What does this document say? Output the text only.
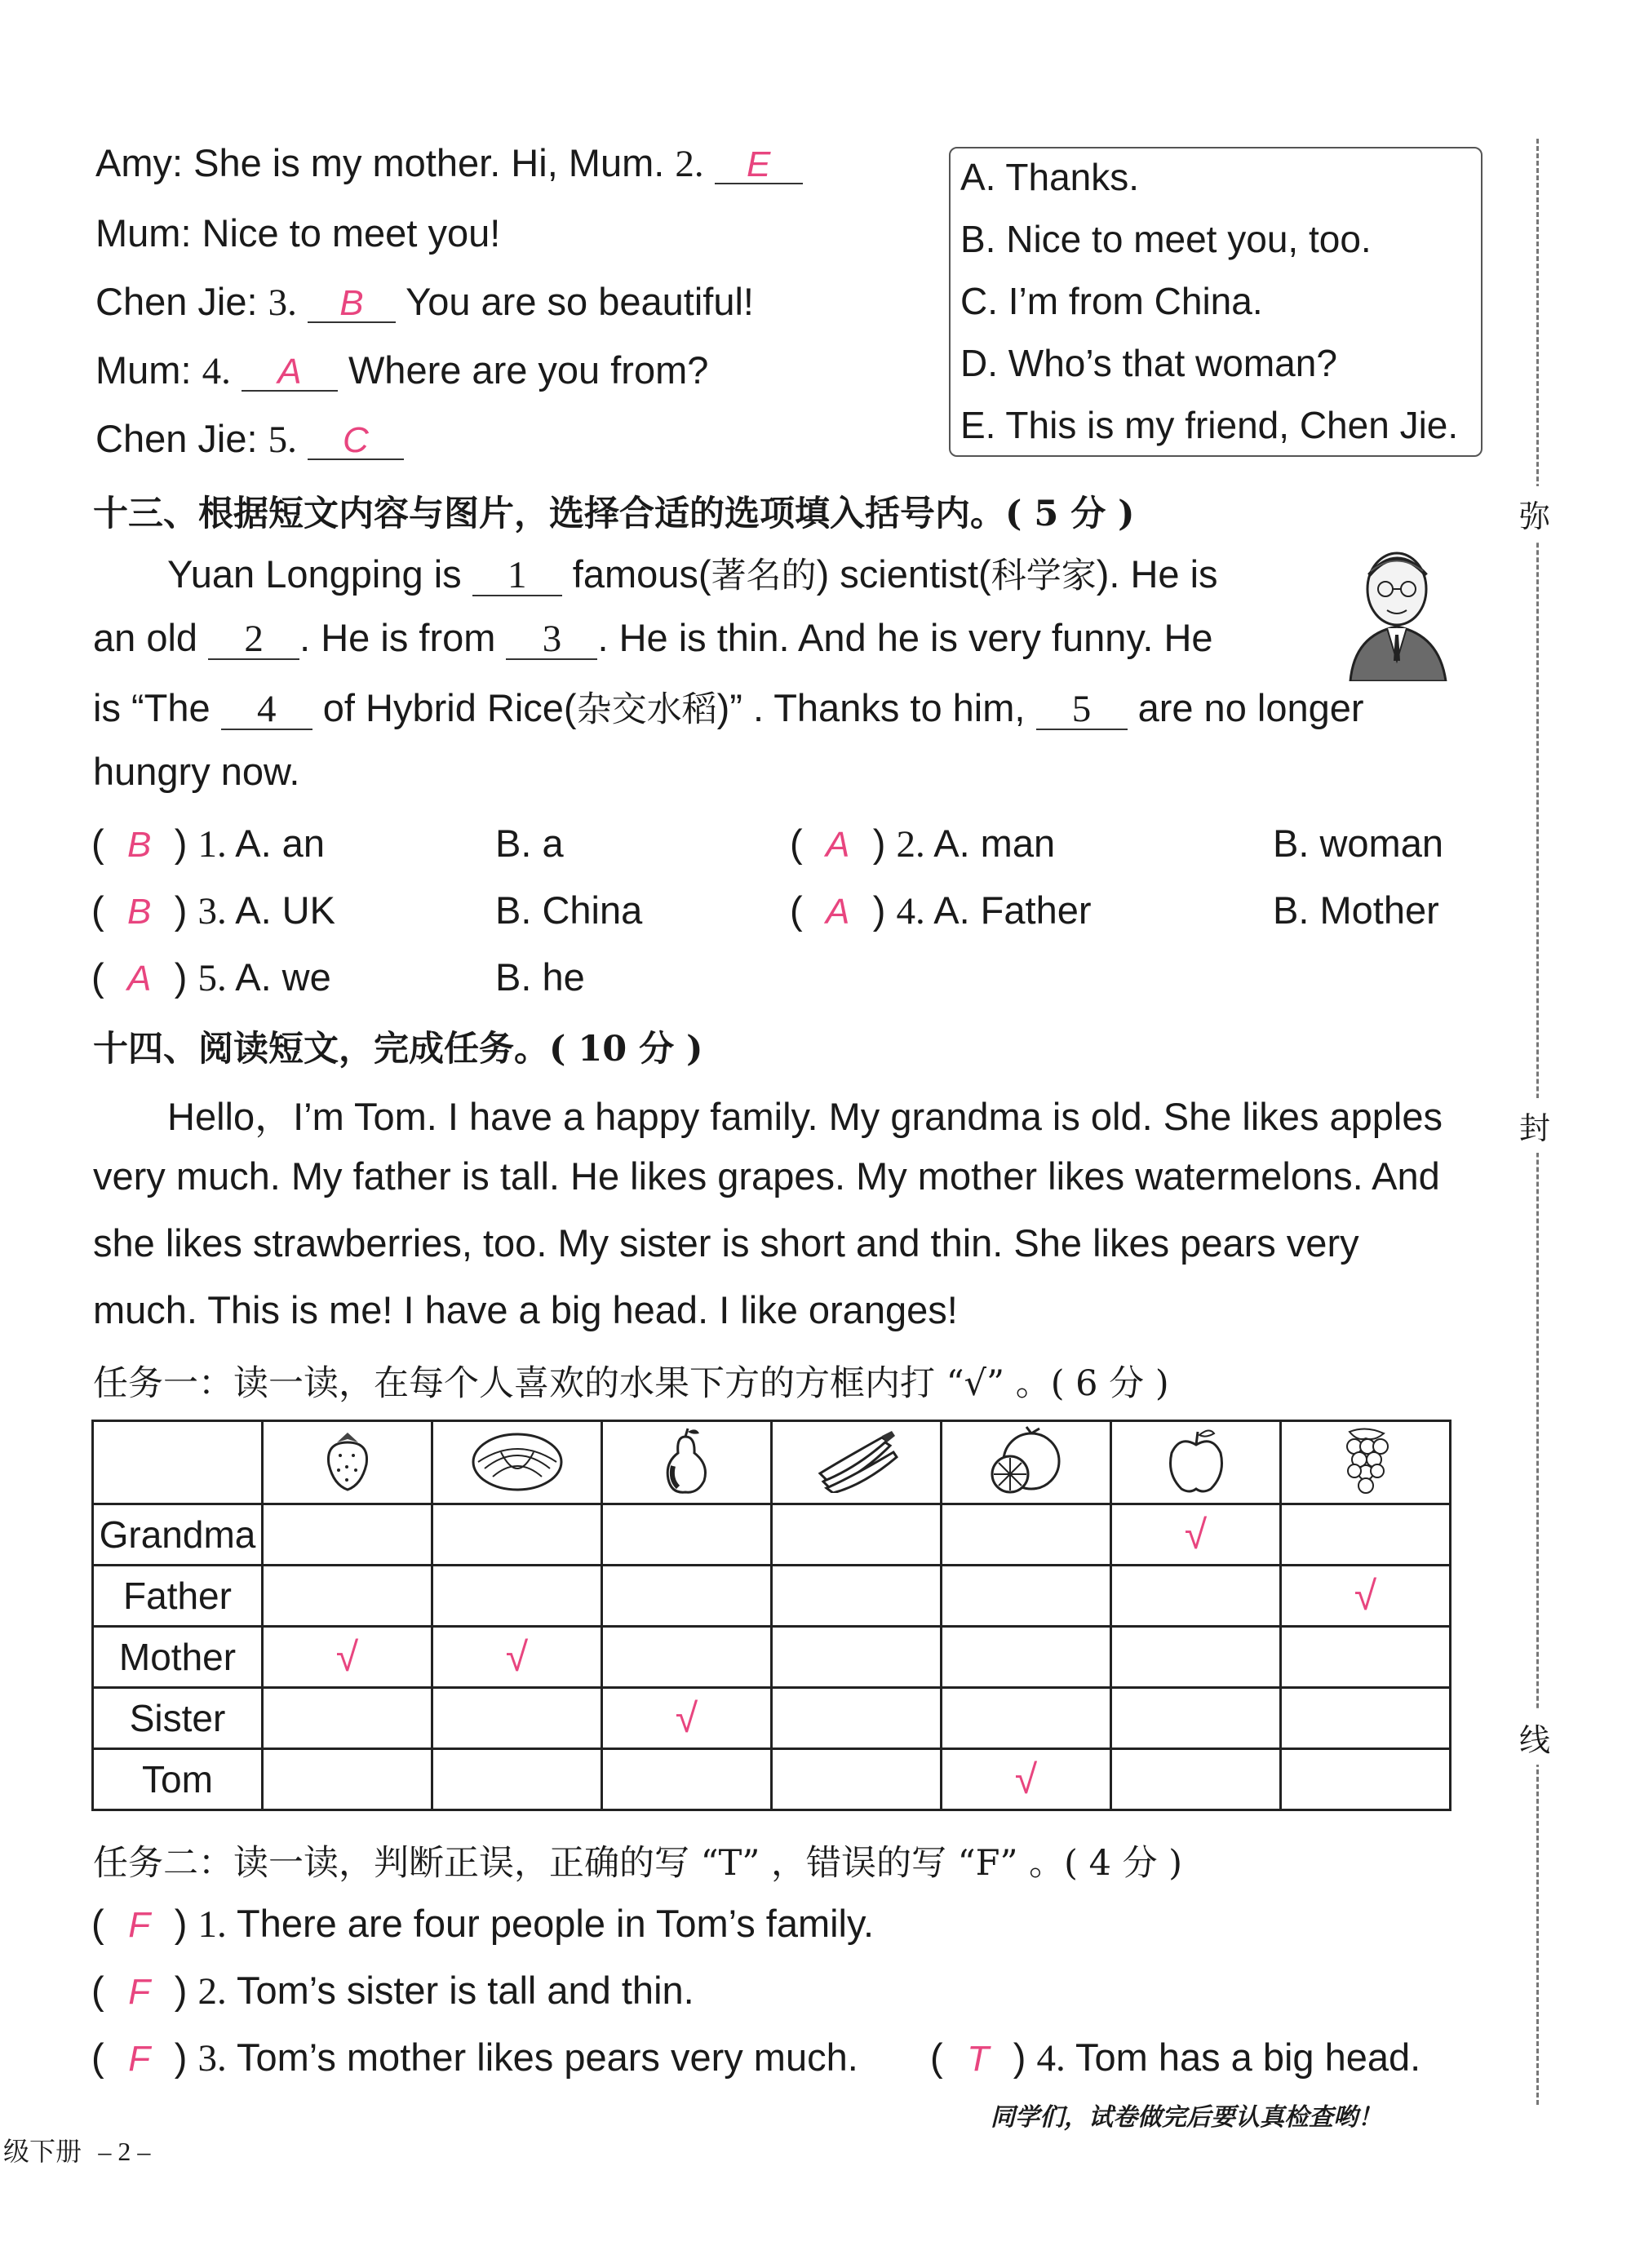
Amy: She is my mother. Hi, Mum. 2. E
Mum: Nice to meet you!
Chen Jie: 3. B You are so beautiful!
Mum: 4. A Where are you from?
Chen Jie: 5. C
A. Thanks.
B. Nice to meet you, too.
C. I’m from China.
D. Who’s that woman?
E. This is my friend, Chen Jie.
十三、根据短文内容与图片，选择合适的选项填入括号内。( 5 分 )
Yuan Longping is 1 famous(著名的) scientist(科学家). He is
an old 2 . He is from 3 . He is thin. And he is very funny. He
is “The 4 of Hybrid Rice(杂交水稻)” . Thanks to him, 5 are no longer
hungry now.
( B ) 1. A. an	B. a	( A ) 2. A. man	B. woman
( B ) 3. A. UK	B. China	( A ) 4. A. Father	B. Mother
( A ) 5. A. we	B. he
十四、阅读短文，完成任务。( 10 分 )
Hello，I’m Tom. I have a happy family. My grandma is old. She likes apples
very much. My father is tall. He likes grapes. My mother likes watermelons. And
she likes strawberries, too. My sister is short and thin. She likes pears very
much. This is me! I have a big head. I like oranges!
任务一：读一读，在每个人喜欢的水果下方的方框内打 “√” 。( 6 分 )

Grandma						√	
Father							√
Mother	√	√					
Sister			√				
Tom					√		
任务二：读一读，判断正误，正确的写 “T” ，错误的写 “F” 。( 4 分 )
( F ) 1. There are four people in Tom’s family.
( F ) 2. Tom’s sister is tall and thin.
( F ) 3. Tom’s mother likes pears very much. ( T ) 4. Tom has a big head.
同学们，试卷做完后要认真检查哟！
级下册 – 2 –
弥
封
线
